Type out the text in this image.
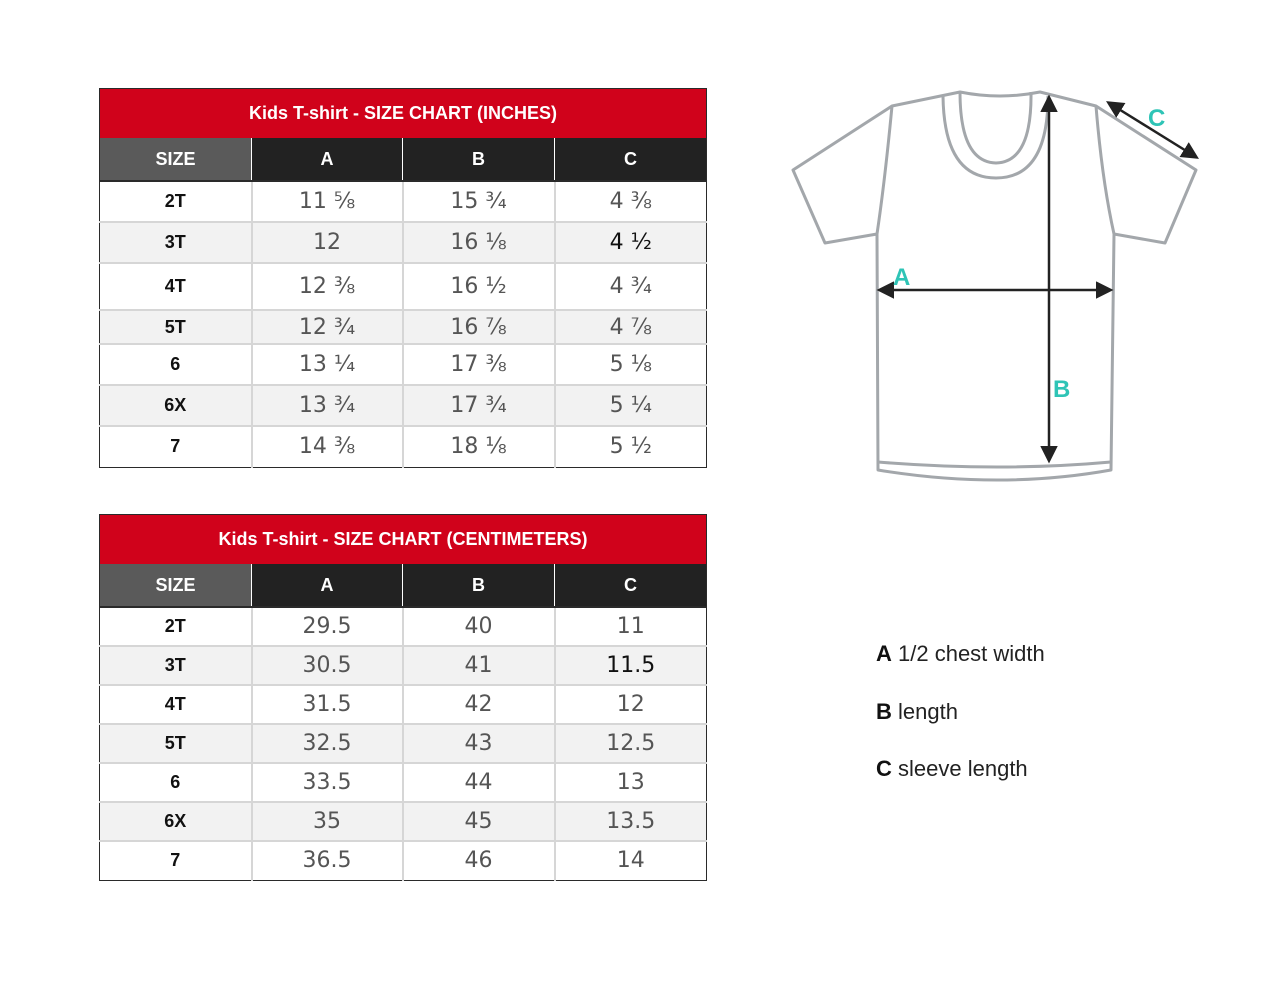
Kids T-shirt - SIZE CHART (INCHES)			
SIZE	A	B	C
2T	11 ⅝	15 ¾	4 ⅜
3T	12	16 ⅛	4 ½
4T	12 ⅜	16 ½	4 ¾
5T	12 ¾	16 ⅞	4 ⅞
6	13 ¼	17 ⅜	5 ⅛
6X	13 ¾	17 ¾	5 ¼
7	14 ⅜	18 ⅛	5 ½
Kids T-shirt - SIZE CHART (CENTIMETERS)			
SIZE	A	B	C
2T	29.5	40	11
3T	30.5	41	11.5
4T	31.5	42	12
5T	32.5	43	12.5
6	33.5	44	13
6X	35	45	13.5
7	36.5	46	14
A
B
C
A 1/2 chest width
B length
C sleeve length
